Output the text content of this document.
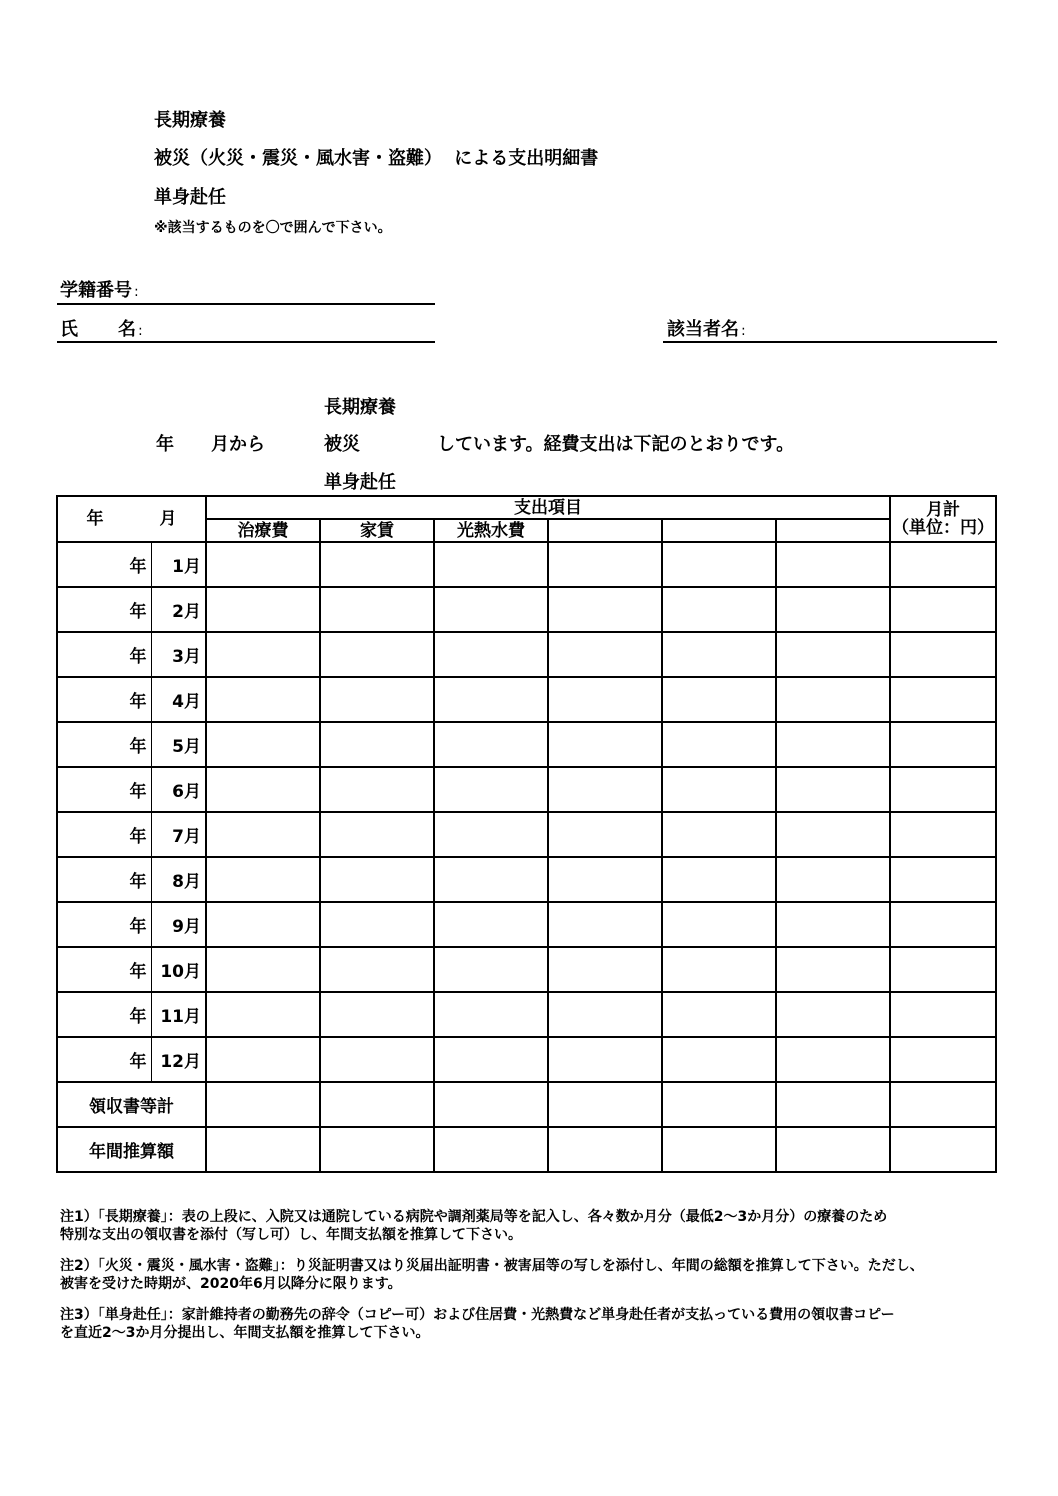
長期療養
被災（火災・震災・風水害・盗難） による支出明細書
単身赴任
※該当するものを〇で囲んで下さい。
学籍番号 :
氏 名 :	該当者名 :
長期療養
年 月から	被災	しています。経費支出は下記のとおりです。
単身赴任
年 月		支出項目						月計
（単位：円）

		治療費	家賃	光熱水費				
年	1月							
年	2月							
年	3月							
年	4月							
年	5月							
年	6月							
年	7月							
年	8月							
年	9月							
年	10月							
年	11月							
年	12月							
領収書等計								
年間推算額								
注1）「長期療養」：表の上段に、入院又は通院している病院や調剤薬局等を記入し、各々数か月分（最低2～3か月分）の療養のため
特別な支出の領収書を添付（写し可）し、年間支払額を推算して下さい。
注2）「火災・震災・風水害・盗難」：り災証明書又はり災届出証明書・被害届等の写しを添付し、年間の総額を推算して下さい。ただし、
被害を受けた時期が、2020年6月以降分に限ります。
注3）「単身赴任」：家計維持者の勤務先の辞令（コピー可）および住居費・光熱費など単身赴任者が支払っている費用の領収書コピー
を直近2～3か月分提出し、年間支払額を推算して下さい。
